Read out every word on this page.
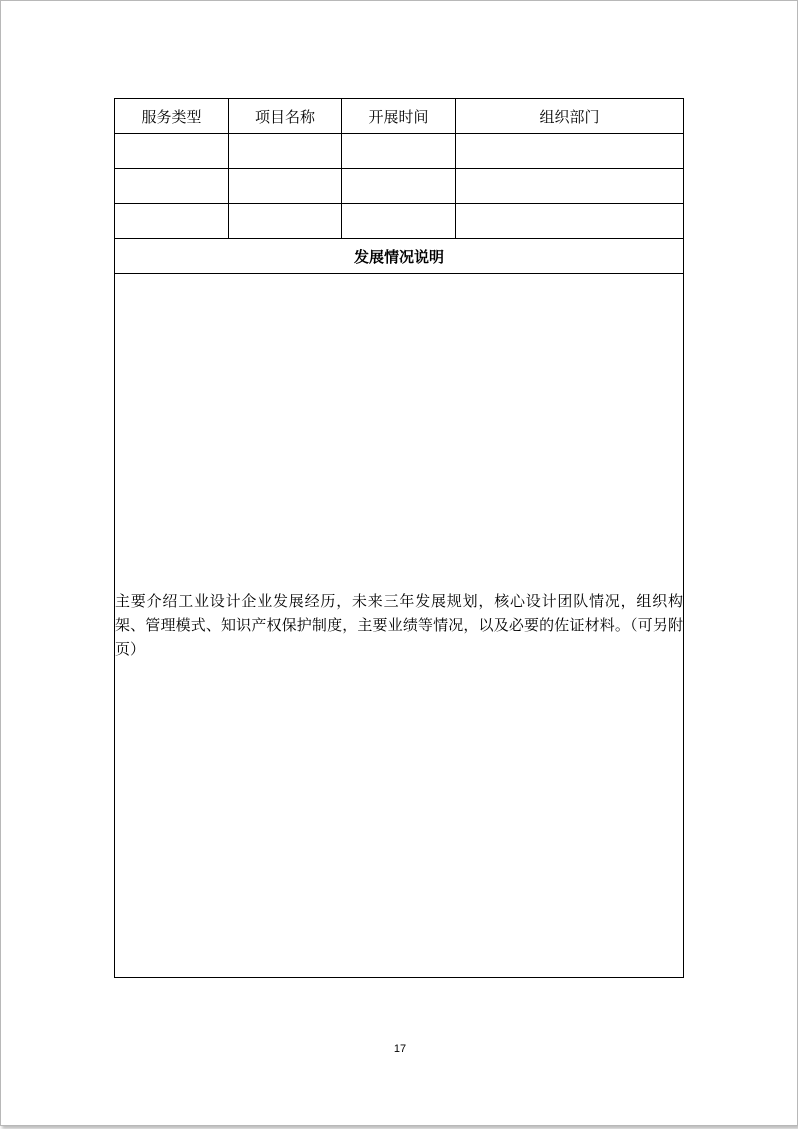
服务类型	项目名称	开展时间	组织部门

发展情况说明			

主要介绍工业设计企业发展经历，未来三年发展规划，核心设计团队情况，组织构架、管理模式、知识产权保护制度，主要业绩等情况，以及必要的佐证材料。（可另附页）			
17
